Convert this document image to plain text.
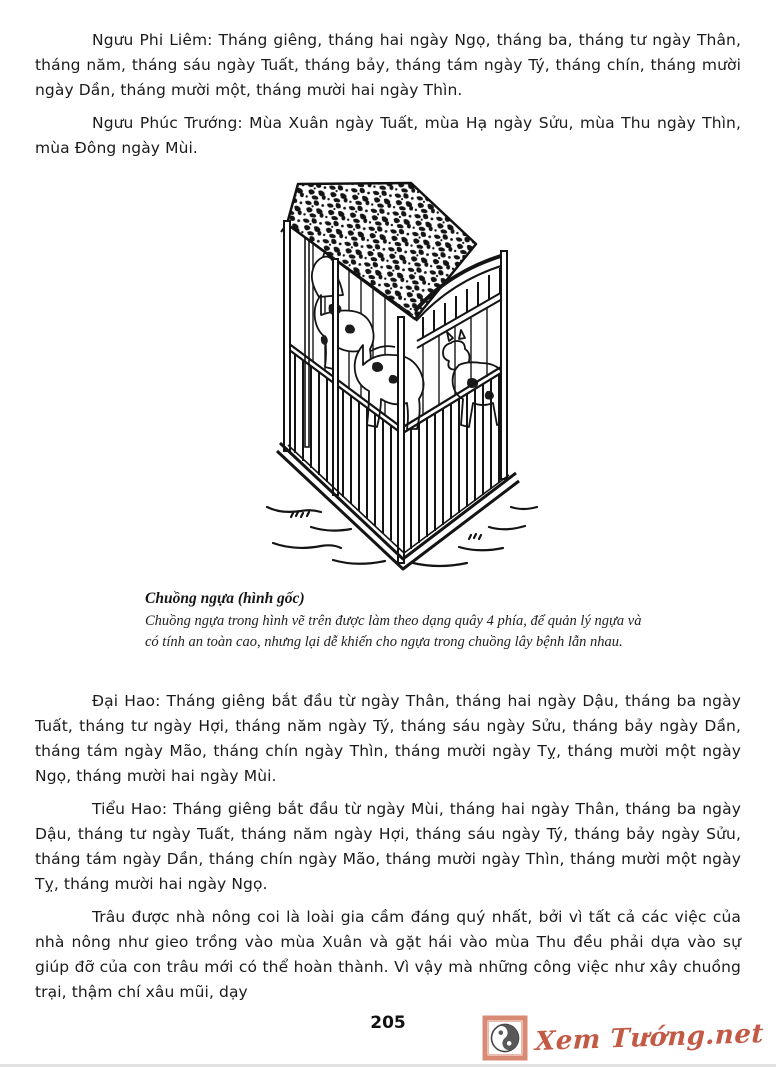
Ngưu Phi Liêm: Tháng giêng, tháng hai ngày Ngọ, tháng ba, tháng tư ngày Thân, tháng năm, tháng sáu ngày Tuất, tháng bảy, tháng tám ngày Tý, tháng chín, tháng mười ngày Dần, tháng mười một, tháng mười hai ngày Thìn.

Ngưu Phúc Trướng: Mùa Xuân ngày Tuất, mùa Hạ ngày Sửu, mùa Thu ngày Thìn, mùa Đông ngày Mùi.

Chuồng ngựa (hình gốc)
Chuồng ngựa trong hình vẽ trên được làm theo dạng quây 4 phía, để quản lý ngựa và có tính an toàn cao, nhưng lại dễ khiến cho ngựa trong chuồng lây bệnh lẫn nhau.

Đại Hao: Tháng giêng bắt đầu từ ngày Thân, tháng hai ngày Dậu, tháng ba ngày Tuất, tháng tư ngày Hợi, tháng năm ngày Tý, tháng sáu ngày Sửu, tháng bảy ngày Dần, tháng tám ngày Mão, tháng chín ngày Thìn, tháng mười ngày Tỵ, tháng mười một ngày Ngọ, tháng mười hai ngày Mùi.

Tiểu Hao: Tháng giêng bắt đầu từ ngày Mùi, tháng hai ngày Thân, tháng ba ngày Dậu, tháng tư ngày Tuất, tháng năm ngày Hợi, tháng sáu ngày Tý, tháng bảy ngày Sửu, tháng tám ngày Dần, tháng chín ngày Mão, tháng mười ngày Thìn, tháng mười một ngày Tỵ, tháng mười hai ngày Ngọ.

Trâu được nhà nông coi là loài gia cầm đáng quý nhất, bởi vì tất cả các việc của nhà nông như gieo trồng vào mùa Xuân và gặt hái vào mùa Thu đều phải dựa vào sự giúp đỡ của con trâu mới có thể hoàn thành. Vì vậy mà những công việc như xây chuồng trại, thậm chí xâu mũi, dạy

205	Xem Tướng.net
